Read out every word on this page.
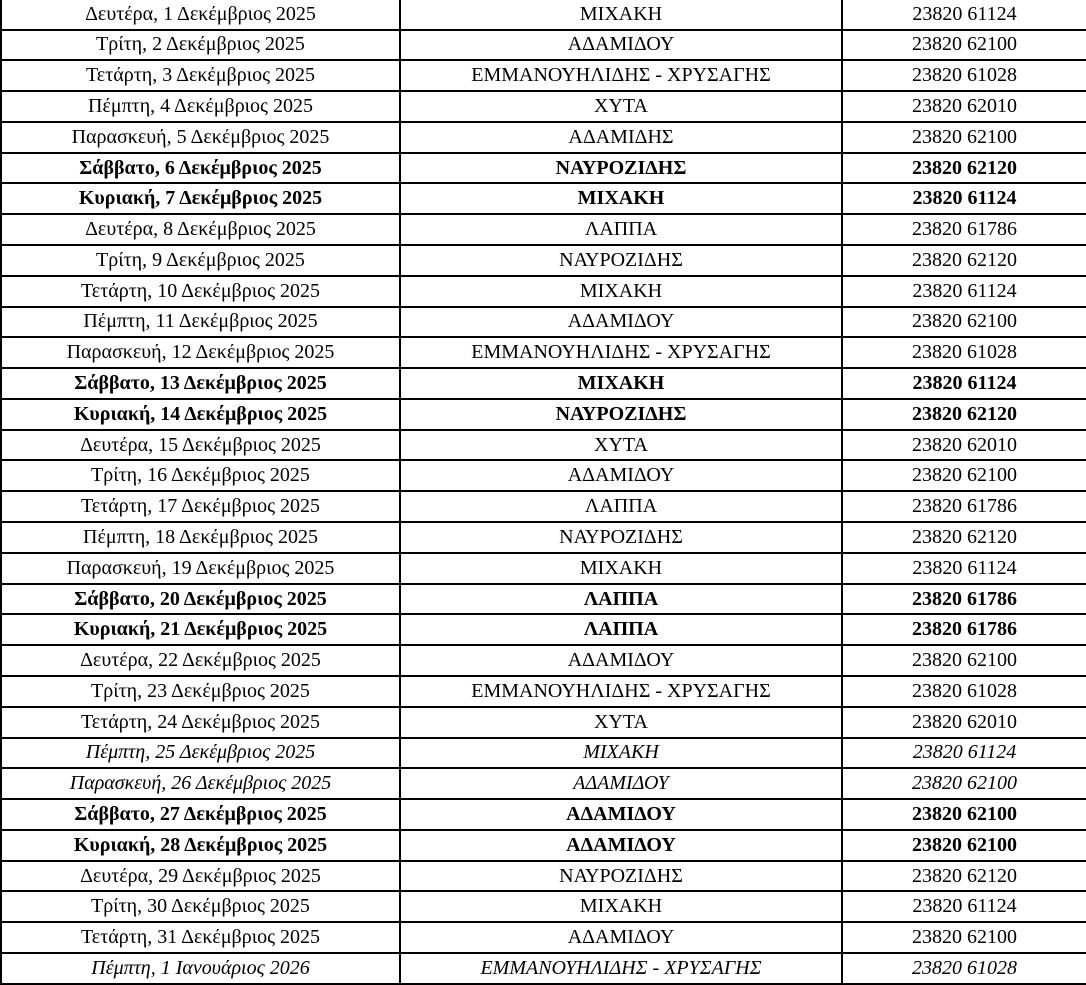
Δευτέρα, 1 Δεκέμβριος 2025	ΜΙΧΑΚΗ	23820 61124
Τρίτη, 2 Δεκέμβριος 2025	ΑΔΑΜΙΔΟΥ	23820 62100
Τετάρτη, 3 Δεκέμβριος 2025	ΕΜΜΑΝΟΥΗΛΙΔΗΣ - ΧΡΥΣΑΓΗΣ	23820 61028
Πέμπτη, 4 Δεκέμβριος 2025	ΧΥΤΑ	23820 62010
Παρασκευή, 5 Δεκέμβριος 2025	ΑΔΑΜΙΔΗΣ	23820 62100
Σάββατο, 6 Δεκέμβριος 2025	ΝΑΥΡΟΖΙΔΗΣ	23820 62120
Κυριακή, 7 Δεκέμβριος 2025	ΜΙΧΑΚΗ	23820 61124
Δευτέρα, 8 Δεκέμβριος 2025	ΛΑΠΠΑ	23820 61786
Τρίτη, 9 Δεκέμβριος 2025	ΝΑΥΡΟΖΙΔΗΣ	23820 62120
Τετάρτη, 10 Δεκέμβριος 2025	ΜΙΧΑΚΗ	23820 61124
Πέμπτη, 11 Δεκέμβριος 2025	ΑΔΑΜΙΔΟΥ	23820 62100
Παρασκευή, 12 Δεκέμβριος 2025	ΕΜΜΑΝΟΥΗΛΙΔΗΣ - ΧΡΥΣΑΓΗΣ	23820 61028
Σάββατο, 13 Δεκέμβριος 2025	ΜΙΧΑΚΗ	23820 61124
Κυριακή, 14 Δεκέμβριος 2025	ΝΑΥΡΟΖΙΔΗΣ	23820 62120
Δευτέρα, 15 Δεκέμβριος 2025	ΧΥΤΑ	23820 62010
Τρίτη, 16 Δεκέμβριος 2025	ΑΔΑΜΙΔΟΥ	23820 62100
Τετάρτη, 17 Δεκέμβριος 2025	ΛΑΠΠΑ	23820 61786
Πέμπτη, 18 Δεκέμβριος 2025	ΝΑΥΡΟΖΙΔΗΣ	23820 62120
Παρασκευή, 19 Δεκέμβριος 2025	ΜΙΧΑΚΗ	23820 61124
Σάββατο, 20 Δεκέμβριος 2025	ΛΑΠΠΑ	23820 61786
Κυριακή, 21 Δεκέμβριος 2025	ΛΑΠΠΑ	23820 61786
Δευτέρα, 22 Δεκέμβριος 2025	ΑΔΑΜΙΔΟΥ	23820 62100
Τρίτη, 23 Δεκέμβριος 2025	ΕΜΜΑΝΟΥΗΛΙΔΗΣ - ΧΡΥΣΑΓΗΣ	23820 61028
Τετάρτη, 24 Δεκέμβριος 2025	ΧΥΤΑ	23820 62010
Πέμπτη, 25 Δεκέμβριος 2025	ΜΙΧΑΚΗ	23820 61124
Παρασκευή, 26 Δεκέμβριος 2025	ΑΔΑΜΙΔΟΥ	23820 62100
Σάββατο, 27 Δεκέμβριος 2025	ΑΔΑΜΙΔΟΥ	23820 62100
Κυριακή, 28 Δεκέμβριος 2025	ΑΔΑΜΙΔΟΥ	23820 62100
Δευτέρα, 29 Δεκέμβριος 2025	ΝΑΥΡΟΖΙΔΗΣ	23820 62120
Τρίτη, 30 Δεκέμβριος 2025	ΜΙΧΑΚΗ	23820 61124
Τετάρτη, 31 Δεκέμβριος 2025	ΑΔΑΜΙΔΟΥ	23820 62100
Πέμπτη, 1 Ιανουάριος 2026	ΕΜΜΑΝΟΥΗΛΙΔΗΣ - ΧΡΥΣΑΓΗΣ	23820 61028
